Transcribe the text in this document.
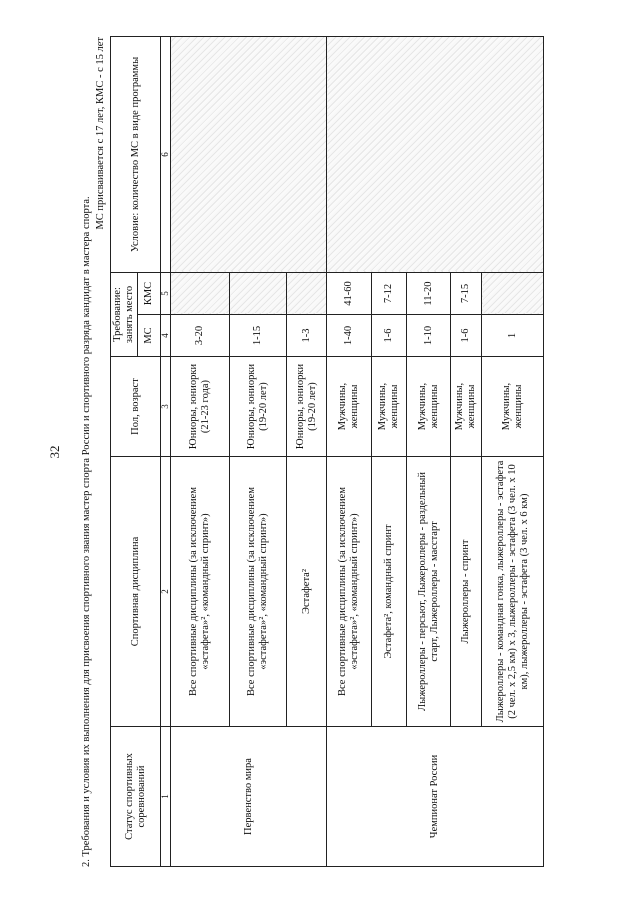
32 2. Требования и условия их выполнения для присвоения спортивного звания мастер спорта России и спортивного разряда кандидат в мастера спорта.
МС присваивается с 17 лет, КМС - с 15 лет
Статус спортивных соревнований	Спортивная дисциплина	Пол, возраст	Требование: занять место		Условие: количество МС в виде программы
			МС	КМС	
1	2	3	4	5	6
Первенство мира	Все спортивные дисциплины (за исключением «эстафета»², «командный спринт»)	Юниоры, юниорки (21-23 года)	3-20		
	Все спортивные дисциплины (за исключением «эстафета»², «командный спринт»)	Юниоры, юниорки (19-20 лет)	1-15		
	Эстафета²	Юниоры, юниорки (19-20 лет)	1-3		
Чемпионат России	Все спортивные дисциплины (за исключением «эстафета»², «командный спринт»)	Мужчины, женщины	1-40	41-60	
	Эстафета², командный спринт	Мужчины, женщины	1-6	7-12	
	Лыжероллеры - персьют, Лыжероллеры - раздельный старт, Лыжероллеры - масстарт	Мужчины, женщины	1-10	11-20	
	Лыжероллеры - спринт	Мужчины, женщины	1-6	7-15	
	Лыжероллеры - командная гонка, лыжероллеры - эстафета (2 чел. х 2,5 км) х 3, лыжероллеры - эстафета (3 чел. х 10 км), лыжероллеры - эстафета (3 чел. х 6 км)	Мужчины, женщины	1		
